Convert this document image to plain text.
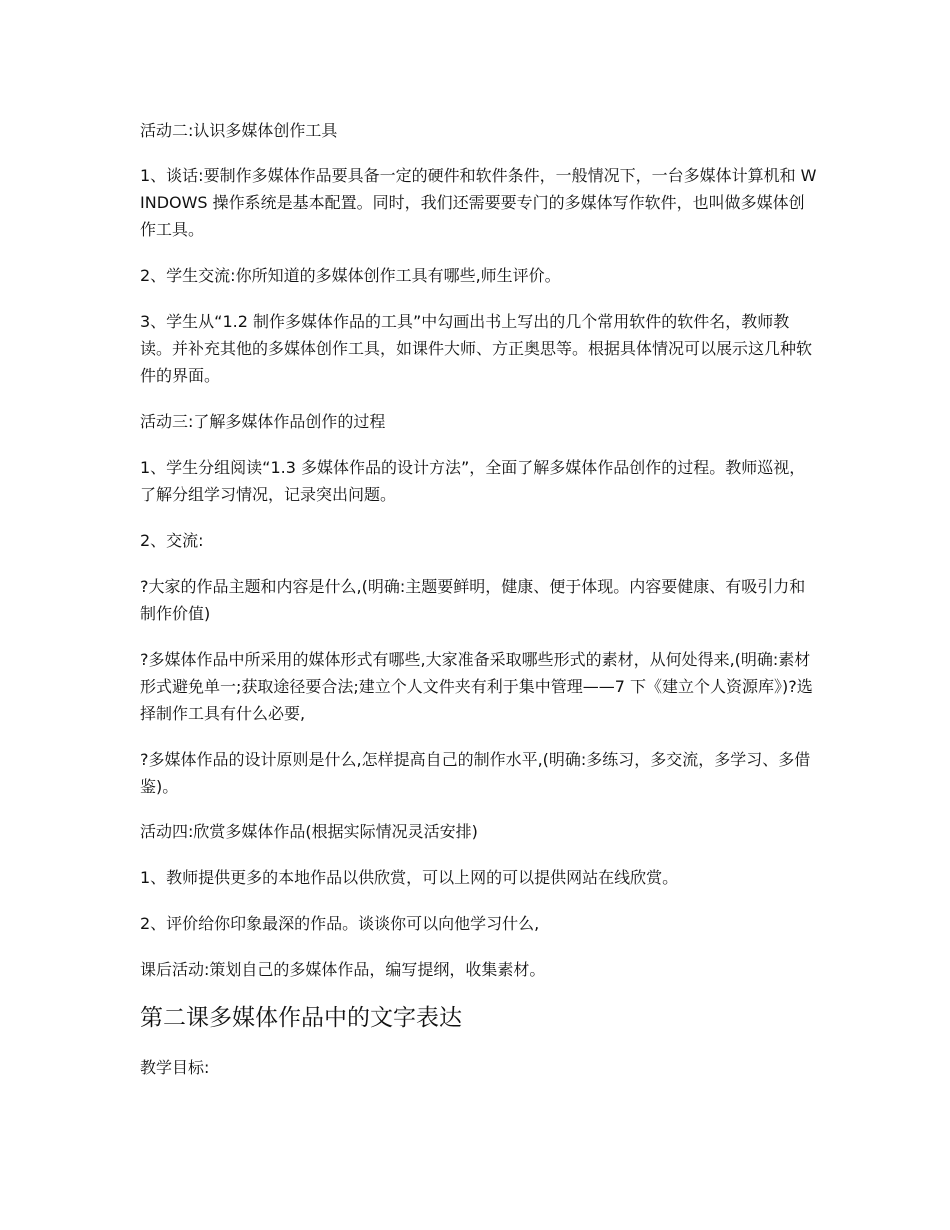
活动二:认识多媒体创作工具

1、谈话:要制作多媒体作品要具备一定的硬件和软件条件，一般情况下，一台多媒体计算机和 WINDOWS 操作系统是基本配置。同时，我们还需要要专门的多媒体写作软件，也叫做多媒体创作工具。

2、学生交流:你所知道的多媒体创作工具有哪些,师生评价。

3、学生从“1.2 制作多媒体作品的工具”中勾画出书上写出的几个常用软件的软件名，教师教读。并补充其他的多媒体创作工具，如课件大师、方正奥思等。根据具体情况可以展示这几种软件的界面。

活动三:了解多媒体作品创作的过程

1、学生分组阅读“1.3 多媒体作品的设计方法”，全面了解多媒体作品创作的过程。教师巡视，了解分组学习情况，记录突出问题。

2、交流:

?大家的作品主题和内容是什么,(明确:主题要鲜明，健康、便于体现。内容要健康、有吸引力和制作价值)

?多媒体作品中所采用的媒体形式有哪些,大家准备采取哪些形式的素材，从何处得来,(明确:素材形式避免单一;获取途径要合法;建立个人文件夹有利于集中管理——7 下《建立个人资源库》)?选择制作工具有什么必要,

?多媒体作品的设计原则是什么,怎样提高自己的制作水平,(明确:多练习，多交流，多学习、多借鉴)。

活动四:欣赏多媒体作品(根据实际情况灵活安排)

1、教师提供更多的本地作品以供欣赏，可以上网的可以提供网站在线欣赏。

2、评价给你印象最深的作品。谈谈你可以向他学习什么,

课后活动:策划自己的多媒体作品，编写提纲，收集素材。

第二课多媒体作品中的文字表达

教学目标:
